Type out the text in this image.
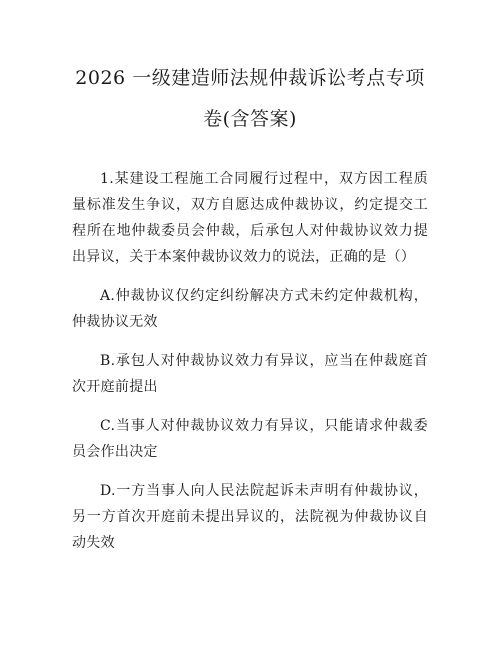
2026 一级建造师法规仲裁诉讼考点专项
卷(含答案)

1.某建设工程施工合同履行过程中，双方因工程质量标准发生争议，双方自愿达成仲裁协议，约定提交工程所在地仲裁委员会仲裁，后承包人对仲裁协议效力提出异议，关于本案仲裁协议效力的说法，正确的是（）

A.仲裁协议仅约定纠纷解决方式未约定仲裁机构，仲裁协议无效

B.承包人对仲裁协议效力有异议，应当在仲裁庭首次开庭前提出

C.当事人对仲裁协议效力有异议，只能请求仲裁委员会作出决定

D.一方当事人向人民法院起诉未声明有仲裁协议，另一方首次开庭前未提出异议的，法院视为仲裁协议自动失效
